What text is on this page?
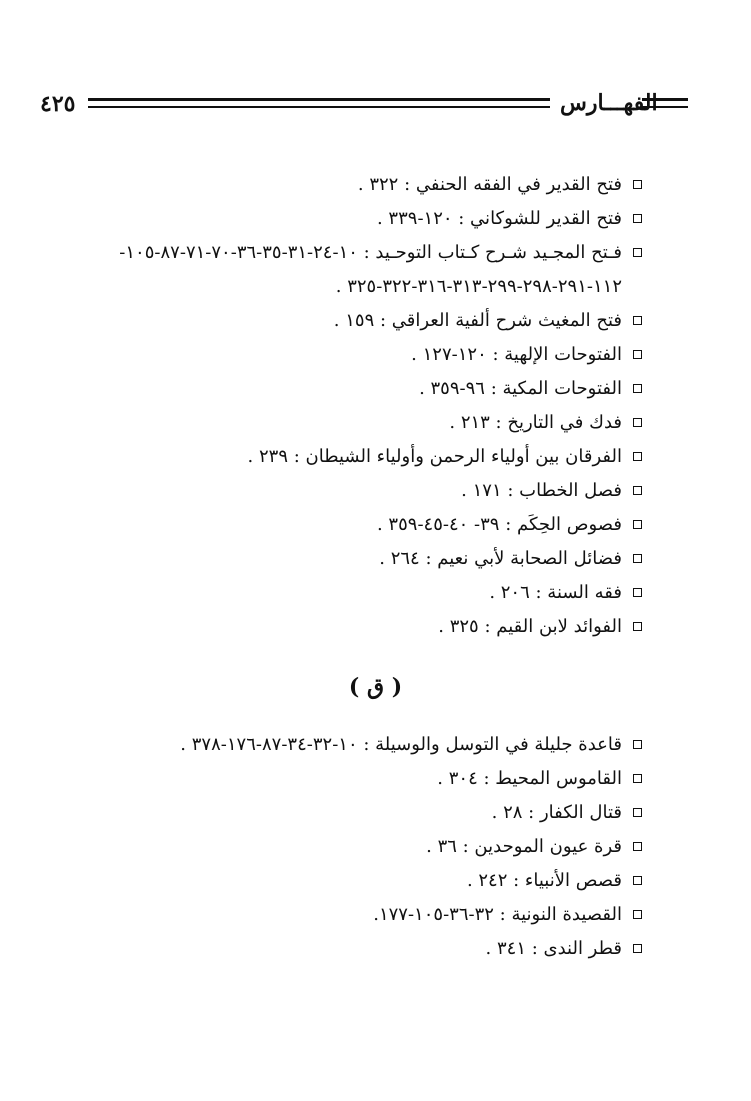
٤٢٥	الفهـــارس
فتح القدير في الفقه الحنفي : ٣٢٢ .
فتح القدير للشوكاني : ١٢٠-٣٣٩ .
فـتح المجـيد شـرح كـتاب التوحـيد : ١٠-٢٤-٣١-٣٥-٣٦-٧٠-٧١-٨٧-١٠٥- ١١٢-٢٩١-٢٩٨-٢٩٩-٣١٣-٣١٦-٣٢٢-٣٢٥ .
فتح المغيث شرح ألفية العراقي : ١٥٩ .
الفتوحات الإلهية : ١٢٠-١٢٧ .
الفتوحات المكية : ٩٦-٣٥٩ .
فدك في التاريخ : ٢١٣ .
الفرقان بين أولياء الرحمن وأولياء الشيطان : ٢٣٩ .
فصل الخطاب : ١٧١ .
فصوص الحِكَم : ٣٩- ٤٠-٤٥-٣٥٩ .
فضائل الصحابة لأبي نعيم : ٢٦٤ .
فقه السنة : ٢٠٦ .
الفوائد لابن القيم : ٣٢٥ .
( ق )
قاعدة جليلة في التوسل والوسيلة : ١٠-٣٢-٣٤-٨٧-١٧٦-٣٧٨ .
القاموس المحيط : ٣٠٤ .
قتال الكفار : ٢٨ .
قرة عيون الموحدين : ٣٦ .
قصص الأنبياء : ٢٤٢ .
القصيدة النونية : ٣٢-٣٦-١٠٥-١٧٧.
قطر الندى : ٣٤١ .
